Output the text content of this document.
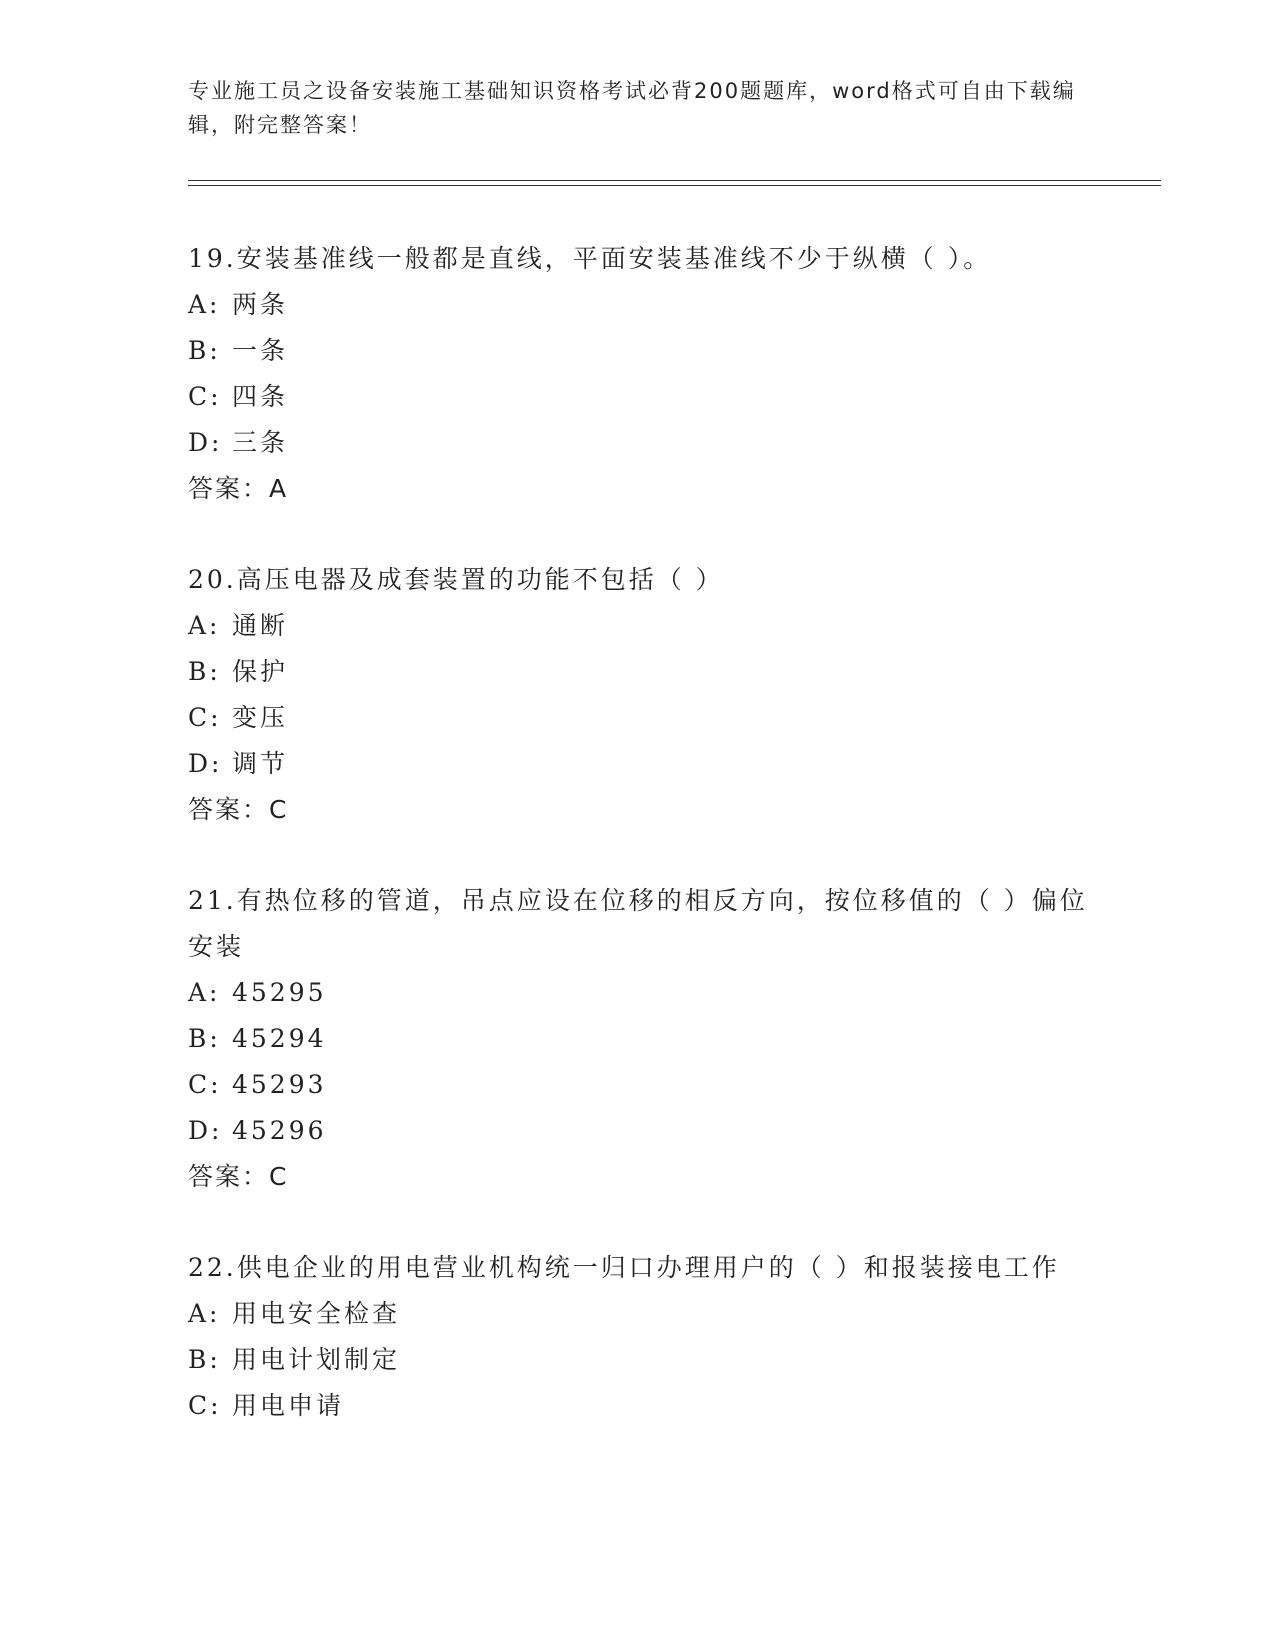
专业施工员之设备安装施工基础知识资格考试必背200题题库，word格式可自由下载编辑，附完整答案！
19.安装基准线一般都是直线，平面安装基准线不少于纵横（ ）。
A: 两条
B: 一条
C: 四条
D: 三条
答案：A
20.高压电器及成套装置的功能不包括（ ）
A: 通断
B: 保护
C: 变压
D: 调节
答案：C
21.有热位移的管道，吊点应设在位移的相反方向，按位移值的（ ）偏位安装
A: 45295
B: 45294
C: 45293
D: 45296
答案：C
22.供电企业的用电营业机构统一归口办理用户的（ ）和报装接电工作
A: 用电安全检查
B: 用电计划制定
C: 用电申请
